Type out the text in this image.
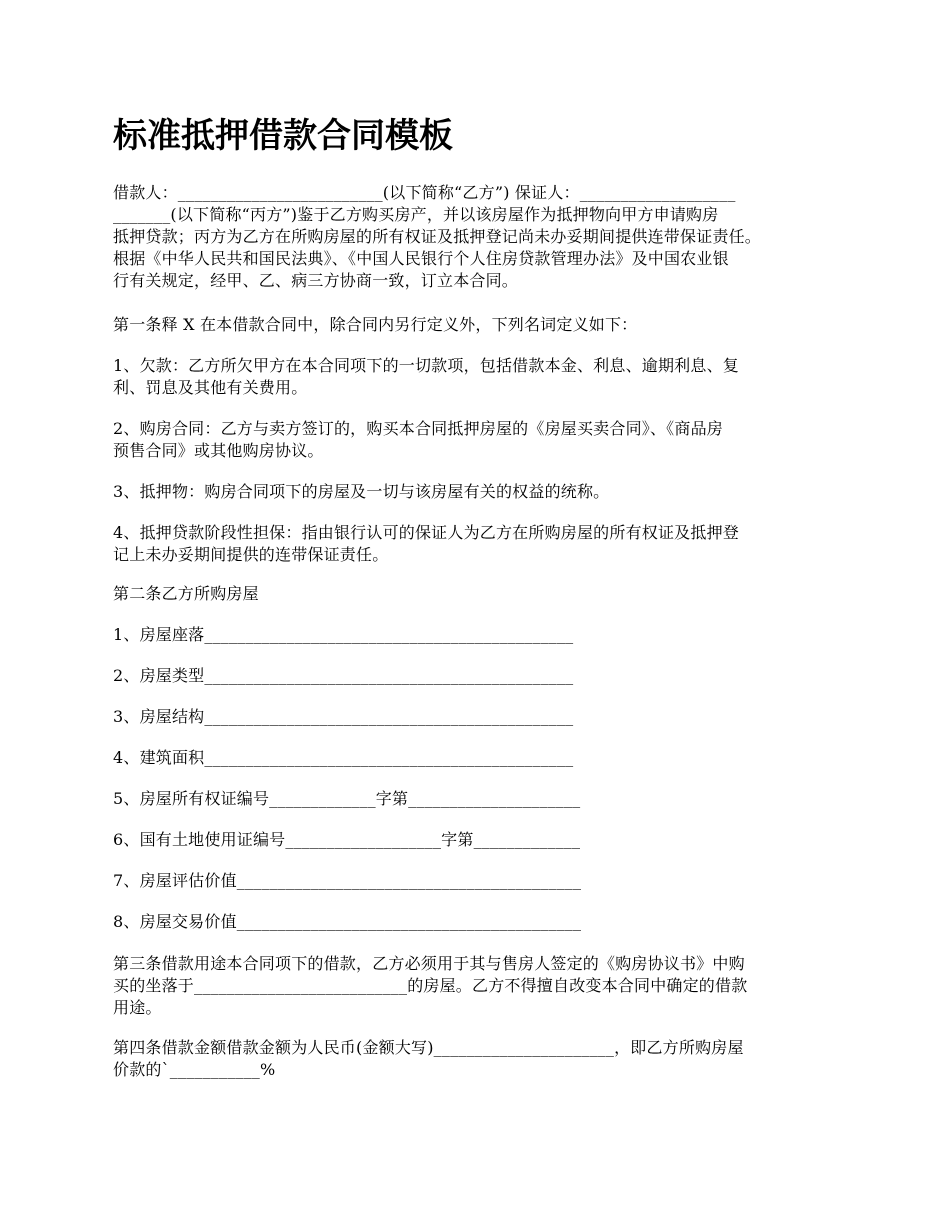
标准抵押借款合同模板
借款人：_________________________(以下简称“乙方”) 保证人：___________________
_______(以下简称“丙方”)鉴于乙方购买房产，并以该房屋作为抵押物向甲方申请购房
抵押贷款；丙方为乙方在所购房屋的所有权证及抵押登记尚未办妥期间提供连带保证责任。
根据《中华人民共和国民法典》、《中国人民银行个人住房贷款管理办法》及中国农业银
行有关规定，经甲、乙、病三方协商一致，订立本合同。
第一条释 X 在本借款合同中，除合同内另行定义外，下列名词定义如下：
1、欠款：乙方所欠甲方在本合同项下的一切款项，包括借款本金、利息、逾期利息、复
利、罚息及其他有关费用。
2、购房合同：乙方与卖方签订的，购买本合同抵押房屋的《房屋买卖合同》、《商品房
预售合同》或其他购房协议。
3、抵押物：购房合同项下的房屋及一切与该房屋有关的权益的统称。
4、抵押贷款阶段性担保：指由银行认可的保证人为乙方在所购房屋的所有权证及抵押登
记上未办妥期间提供的连带保证责任。
第二条乙方所购房屋
1、房屋座落_____________________________________________
2、房屋类型_____________________________________________
3、房屋结构_____________________________________________
4、建筑面积_____________________________________________
5、房屋所有权证编号_____________字第_____________________
6、国有土地使用证编号___________________字第_____________
7、房屋评估价值__________________________________________
8、房屋交易价值__________________________________________
第三条借款用途本合同项下的借款，乙方必须用于其与售房人签定的《购房协议书》中购
买的坐落于__________________________的房屋。乙方不得擅自改变本合同中确定的借款
用途。
第四条借款金额借款金额为人民币(金额大写)______________________，即乙方所购房屋
价款的`___________%
